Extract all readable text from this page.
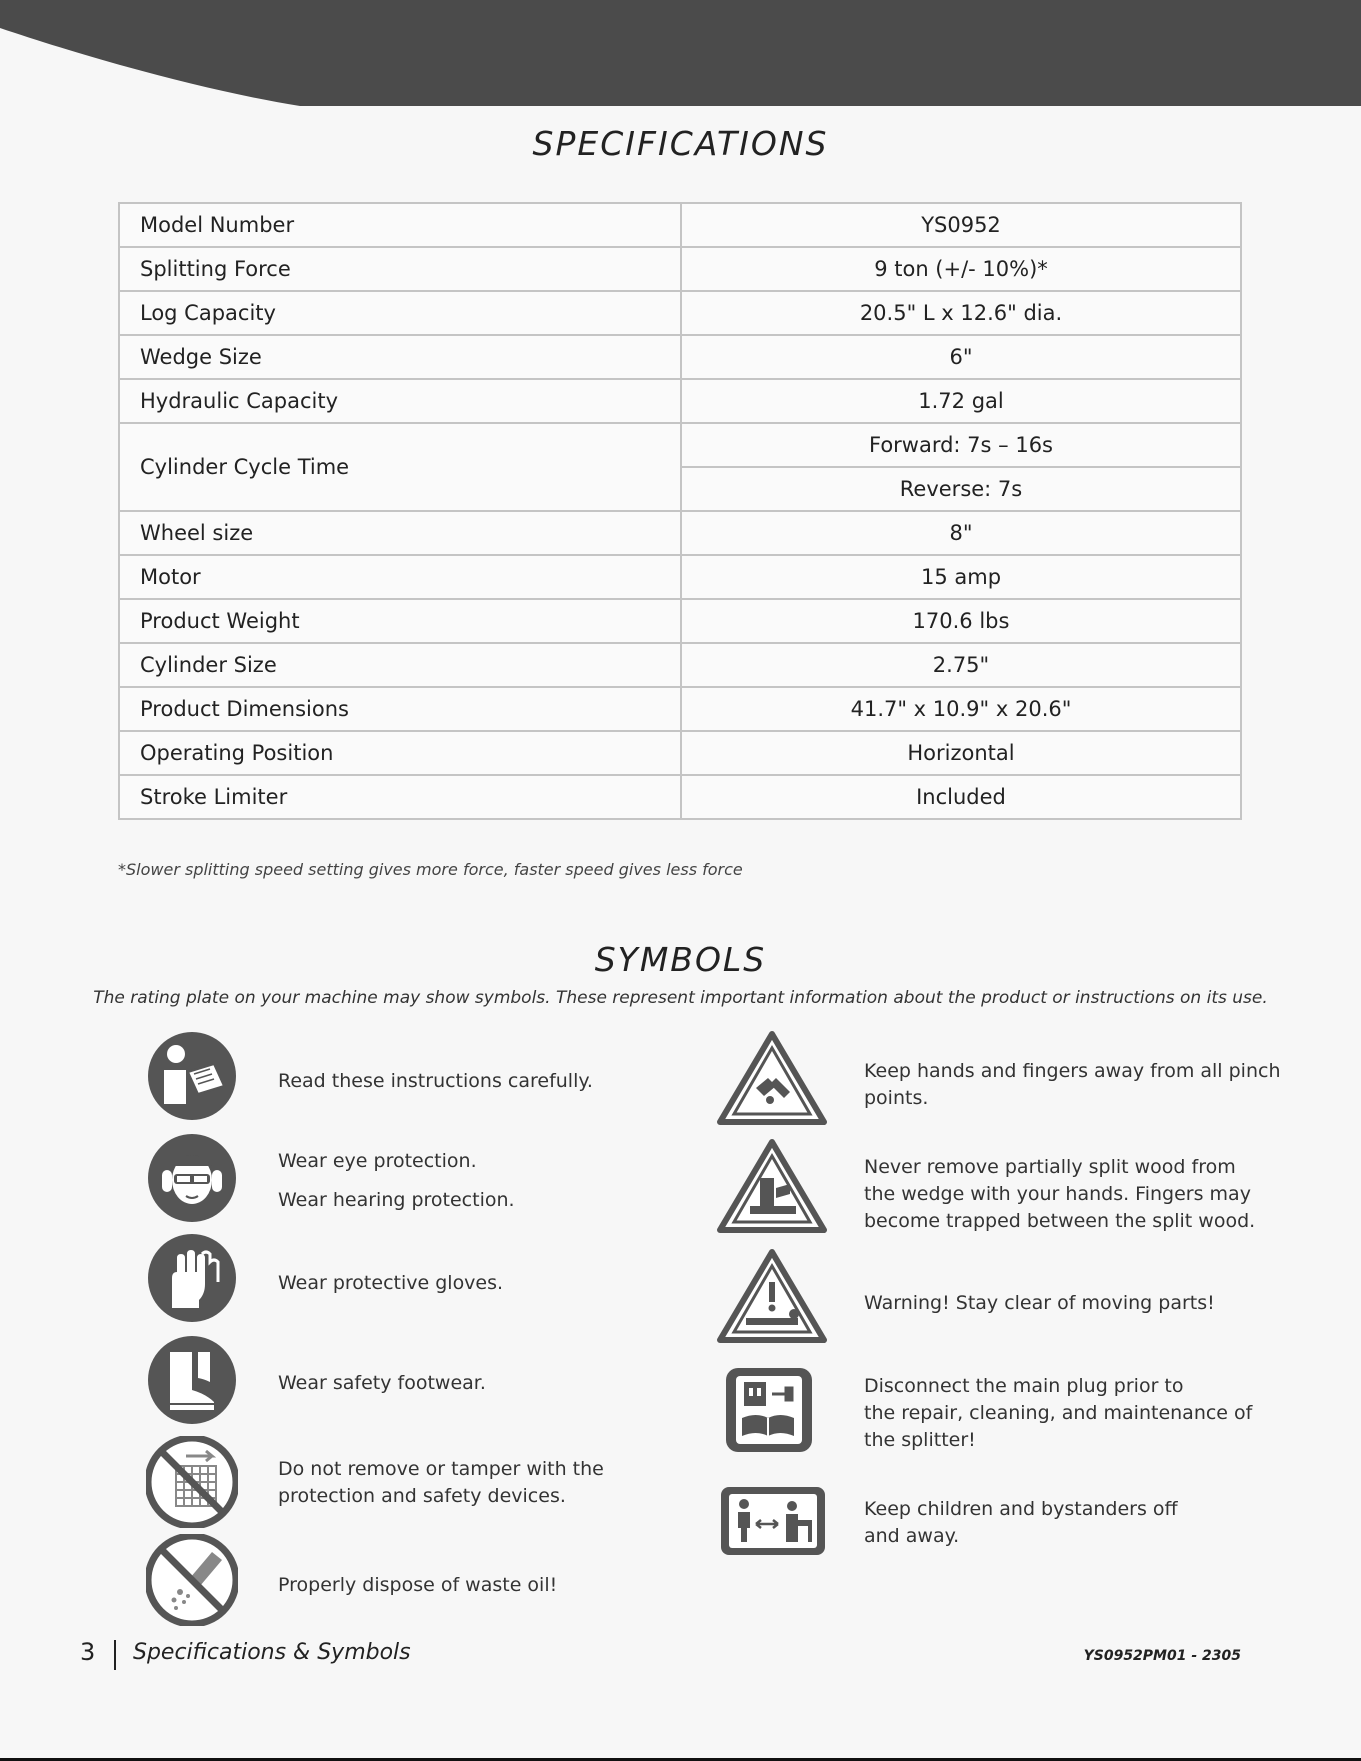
SPECIFICATIONS
Model Number	YS0952
Splitting Force	9 ton (+/- 10%)*
Log Capacity	20.5" L x 12.6" dia.
Wedge Size	6"
Hydraulic Capacity	1.72 gal
Cylinder Cycle Time	Forward: 7s – 16s
	Reverse: 7s
Wheel size	8"
Motor	15 amp
Product Weight	170.6 lbs
Cylinder Size	2.75"
Product Dimensions	41.7" x 10.9" x 20.6"
Operating Position	Horizontal
Stroke Limiter	Included
*Slower splitting speed setting gives more force, faster speed gives less force
SYMBOLS
The rating plate on your machine may show symbols. These represent important information about the product or instructions on its use.
Read these instructions carefully.
Wear eye protection.
Wear hearing protection.
Wear protective gloves.
Wear safety footwear.
Do not remove or tamper with the
protection and safety devices.
Properly dispose of waste oil!
Keep hands and fingers away from all pinch
points.
Never remove partially split wood from
the wedge with your hands. Fingers may
become trapped between the split wood.
Warning! Stay clear of moving parts!
Disconnect the main plug prior to
the repair, cleaning, and maintenance of
the splitter!
Keep children and bystanders off
and away.
3 Specifications & Symbols	YS0952PM01 - 2305
